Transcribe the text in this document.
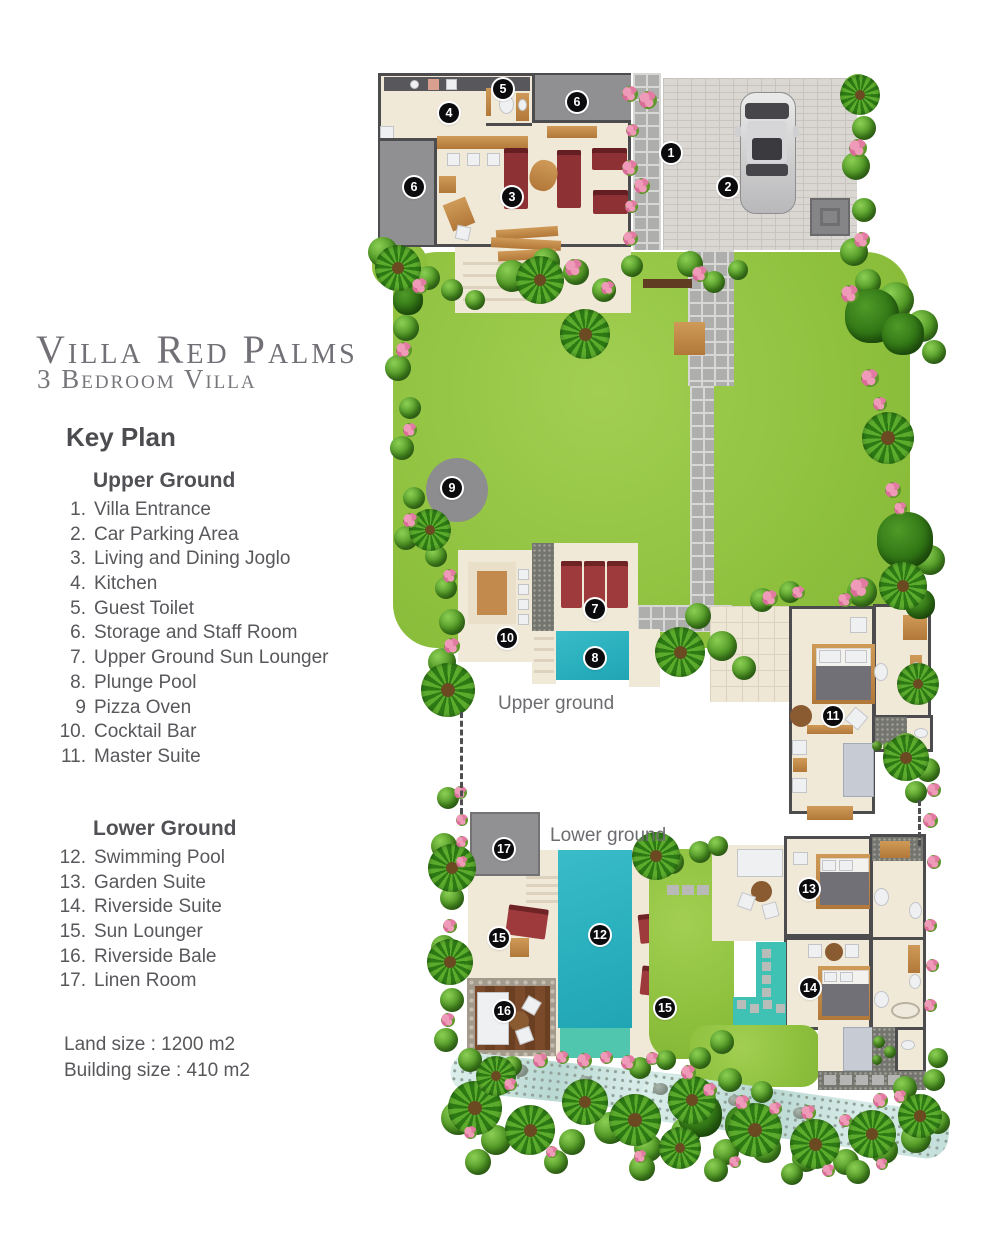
Villa Red Palms
3 Bedroom Villa
Key Plan
Upper Ground
1. Villa Entrance
2. Car Parking Area
3. Living and Dining Joglo
4. Kitchen
5. Guest Toilet
6. Storage and Staff Room
7. Upper Ground Sun Lounger
8. Plunge Pool
9 Pizza Oven
10. Cocktail Bar
11. Master Suite
Lower Ground
12. Swimming Pool
13. Garden Suite
14. Riverside Suite
15. Sun Lounger
16. Riverside Bale
17. Linen Room
Land size : 1200 m2
Building size : 410 m2
Upper ground
Lower ground
1
2
3
4
5
6
6
7
8
9
10
11
12
13
14
15
15
16
17
